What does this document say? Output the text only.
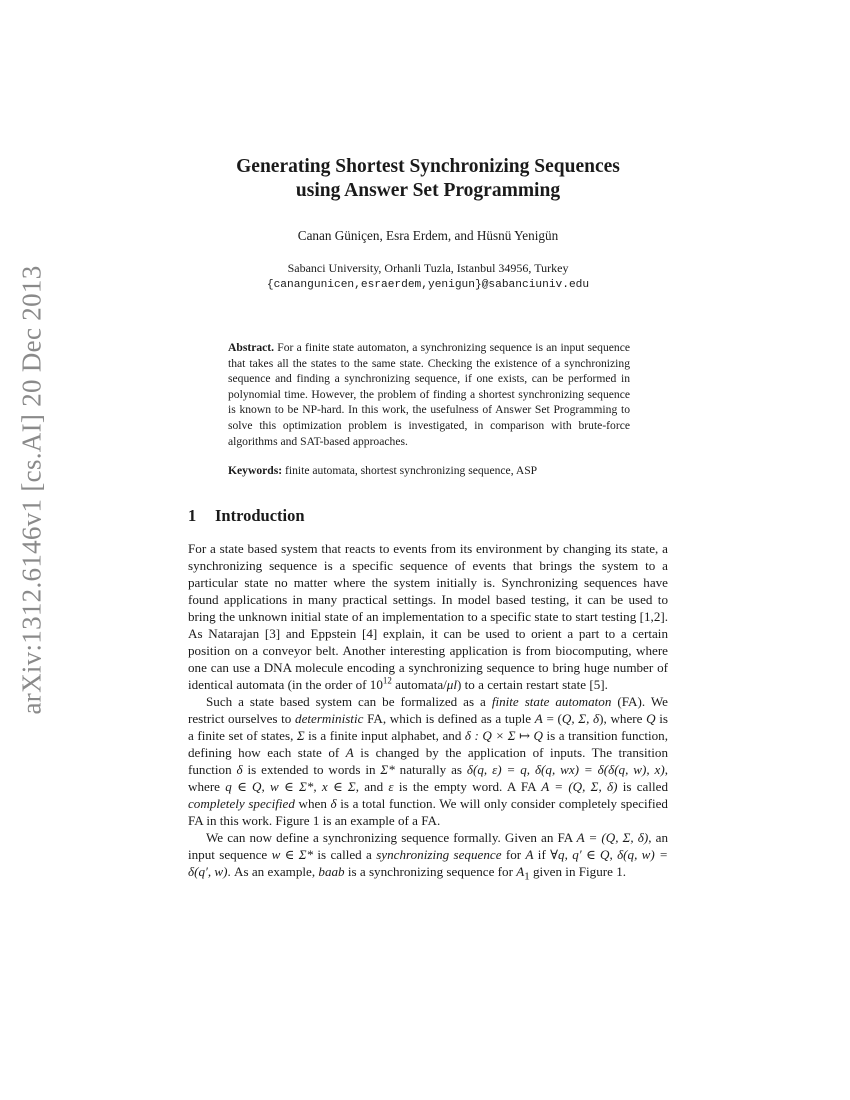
arXiv:1312.6146v1 [cs.AI] 20 Dec 2013
Generating Shortest Synchronizing Sequences
using Answer Set Programming
Canan Güniçen, Esra Erdem, and Hüsnü Yenigün
Sabanci University, Orhanli Tuzla, Istanbul 34956, Turkey
{canangunicen,esraerdem,yenigun}@sabanciuniv.edu
Abstract. For a finite state automaton, a synchronizing sequence is an input sequence that takes all the states to the same state. Checking the existence of a synchronizing sequence and finding a synchronizing sequence, if one exists, can be performed in polynomial time. However, the problem of finding a shortest synchronizing sequence is known to be NP-hard. In this work, the usefulness of Answer Set Programming to solve this optimization problem is investigated, in comparison with brute-force algorithms and SAT-based approaches.
Keywords: finite automata, shortest synchronizing sequence, ASP
1 Introduction

For a state based system that reacts to events from its environment by changing its state, a synchronizing sequence is a specific sequence of events that brings the system to a particular state no matter where the system initially is. Synchronizing sequences have found applications in many practical settings. In model based testing, it can be used to bring the unknown initial state of an implementation to a specific state to start testing [1,2]. As Natarajan [3] and Eppstein [4] explain, it can be used to orient a part to a certain position on a conveyor belt. Another interesting application is from biocomputing, where one can use a DNA molecule encoding a synchronizing sequence to bring huge number of identical automata (in the order of $10^{12}$ automata/μl) to a certain restart state [5].

Such a state based system can be formalized as a finite state automaton (FA). We restrict ourselves to deterministic FA, which is defined as a tuple A = (Q, Σ, δ), where Q is a finite set of states, Σ is a finite input alphabet, and δ : Q × Σ ↦ Q is a transition function, defining how each state of A is changed by the application of inputs. The transition function δ is extended to words in Σ* naturally as δ(q, ε) = q, δ(q, wx) = δ(δ(q, w), x), where q ∈ Q, w ∈ Σ*, x ∈ Σ, and ε is the empty word. A FA A = (Q, Σ, δ) is called completely specified when δ is a total function. We will only consider completely specified FA in this work. Figure 1 is an example of a FA.

We can now define a synchronizing sequence formally. Given an FA A = (Q, Σ, δ), an input sequence w ∈ Σ* is called a synchronizing sequence for A if ∀q, q′ ∈ Q, δ(q, w) = δ(q′, w). As an example, baab is a synchronizing sequence for $A_1$ given in Figure 1.
